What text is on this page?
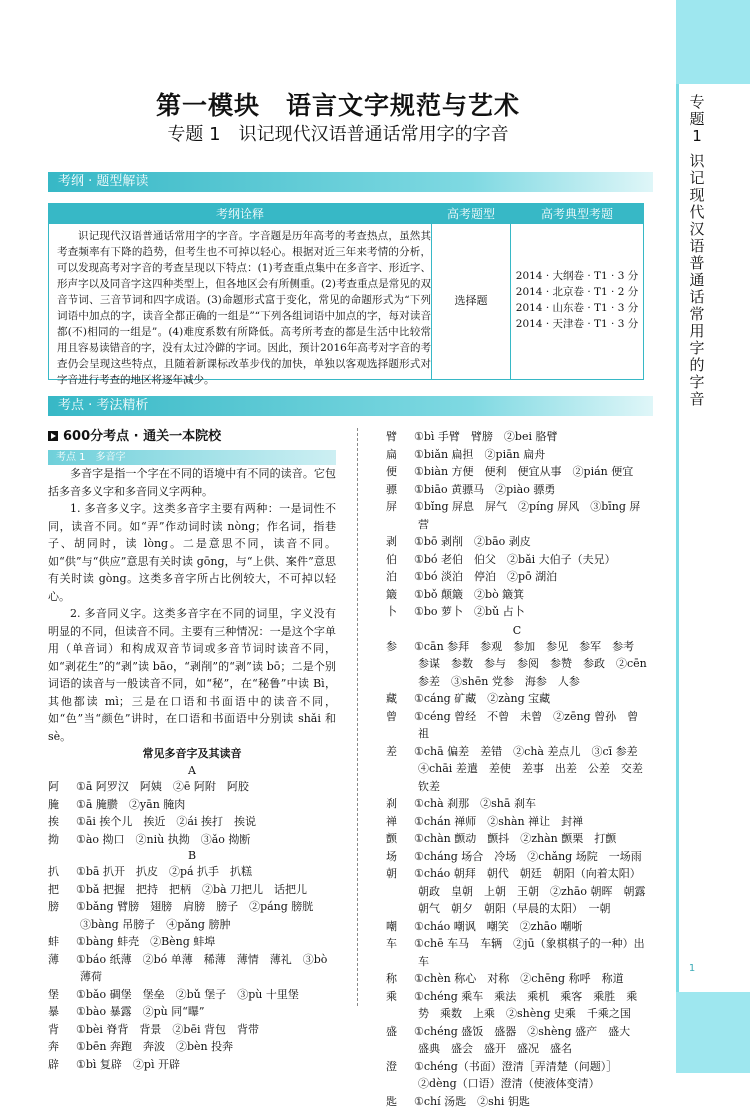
专
题
1

识
记
现
代
汉
语
普
通
话
常
用
字
的
字
音
1
第一模块　语言文字规范与艺术
专题 1　识记现代汉语普通话常用字的字音
考纲 · 题型解读
考纲诠释	高考题型	高考典型考题
识记现代汉语普通话常用字的字音。字音题是历年高考的考查热点，虽然其考查频率有下降的趋势，但考生也不可掉以轻心。根据对近三年来考情的分析，可以发现高考对字音的考查呈现以下特点：(1)考查重点集中在多音字、形近字、形声字以及同音字这四种类型上，但各地区会有所侧重。(2)考查重点是常见的双音节词、三音节词和四字成语。(3)命题形式富于变化，常见的命题形式为“下列词语中加点的字，读音全都正确的一组是”“下列各组词语中加点的字，每对读音都(不)相同的一组是”。(4)难度系数有所降低。高考所考查的都是生活中比较常用且容易读错音的字，没有太过冷僻的字词。因此，预计2016年高考对字音的考查仍会呈现这些特点，且随着新课标改革步伐的加快，单独以客观选择题形式对字音进行考查的地区将逐年减少。
选择题
2014 · 大纲卷 · T1 · 3 分
2014 · 北京卷 · T1 · 2 分
2014 · 山东卷 · T1 · 3 分
2014 · 天津卷 · T1 · 3 分
考点 · 考法精析
600分考点 · 通关一本院校
考点 1　多音字

多音字是指一个字在不同的语境中有不同的读音。它包括多音多义字和多音同义字两种。

1. 多音多义字。这类多音字主要有两种：一是词性不同，读音不同。如“弄”作动词时读 nòng；作名词，指巷子、胡同时，读 lòng。二是意思不同，读音不同。如“供”与“供应”意思有关时读 gōng，与“上供、案件”意思有关时读 gòng。这类多音字所占比例较大，不可掉以轻心。

2. 多音同义字。这类多音字在不同的词里，字义没有明显的不同，但读音不同。主要有三种情况：一是这个字单用（单音词）和构成双音节词或多音节词时读音不同，如“剥花生”的“剥”读 bāo，“剥削”的“剥”读 bō；二是个别词语的读音与一般读音不同，如“秘”，在“秘鲁”中读 Bì，其他都读 mì；三是在口语和书面语中的读音不同，如“色”当“颜色”讲时，在口语和书面语中分别读 shǎi 和 sè。

常见多音字及其读音

A

阿 ①ā 阿罗汉　阿姨　②ē 阿附　阿胶

腌 ①ā 腌臜　②yān 腌肉

挨 ①āi 挨个儿　挨近　②ái 挨打　挨说

拗 ①ào 拗口　②niù 执拗　③ǎo 拗断

B

扒 ①bā 扒开　扒皮　②pá 扒手　扒糕

把 ①bǎ 把握　把持　把柄　②bà 刀把儿　话把儿

膀 ①bǎng 臂膀　翅膀　肩膀　膀子　②páng 膀胱　③bàng 吊膀子　④pǎng 膀肿

蚌 ①bàng 蚌壳　②Bèng 蚌埠

薄 ①báo 纸薄　②bó 单薄　稀薄　薄情　薄礼　③bò 薄荷

堡 ①bǎo 碉堡　堡垒　②bǔ 堡子　③pù 十里堡

暴 ①bào 暴露　②pù 同“曝”

背 ①bèi 脊背　背景　②bēi 背包　背带

奔 ①bēn 奔跑　奔波　②bèn 投奔

辟 ①bì 复辟　②pì 开辟

臂 ①bì 手臂　臂膀　②bei 胳臂

扁 ①biǎn 扁担　②piān 扁舟

便 ①biàn 方便　便利　便宜从事　②pián 便宜

骠 ①biāo 黄骠马　②piào 骠勇

屏 ①bǐng 屏息　屏气　②píng 屏风　③bīng 屏营

剥 ①bō 剥削　②bāo 剥皮

伯 ①bó 老伯　伯父　②bǎi 大伯子（夫兄）

泊 ①bó 淡泊　停泊　②pō 湖泊

簸 ①bǒ 颠簸　②bò 簸箕

卜 ①bo 萝卜　②bǔ 占卜

C

参 ①cān 参拜　参观　参加　参见　参军　参考　参谋　参数　参与　参阅　参赞　参政　②cēn 参差　③shēn 党参　海参　人参

藏 ①cáng 矿藏　②zàng 宝藏

曾 ①céng 曾经　不曾　未曾　②zēng 曾孙　曾祖

差 ①chā 偏差　差错　②chà 差点儿　③cī 参差　④chāi 差遣　差使　差事　出差　公差　交差　钦差

刹 ①chà 刹那　②shā 刹车

禅 ①chán 禅师　②shàn 禅让　封禅

颤 ①chàn 颤动　颤抖　②zhàn 颤栗　打颤

场 ①cháng 场合　冷场　②chǎng 场院　一场雨

朝 ①cháo 朝拜　朝代　朝廷　朝阳（向着太阳）　朝政　皇朝　上朝　王朝　②zhāo 朝晖　朝露　朝气　朝夕　朝阳（早晨的太阳）　一朝

嘲 ①cháo 嘲讽　嘲笑　②zhāo 嘲哳

车 ①chē 车马　车辆　②jū（象棋棋子的一种）出车

称 ①chèn 称心　对称　②chēng 称呼　称道

乘 ①chéng 乘车　乘法　乘机　乘客　乘胜　乘势　乘数　上乘　②shèng 史乘　千乘之国

盛 ①chéng 盛饭　盛器　②shèng 盛产　盛大　盛典　盛会　盛开　盛况　盛名

澄 ①chéng（书面）澄清［弄清楚（问题）］　②dèng（口语）澄清（使液体变清）

匙 ①chí 汤匙　②shi 钥匙
